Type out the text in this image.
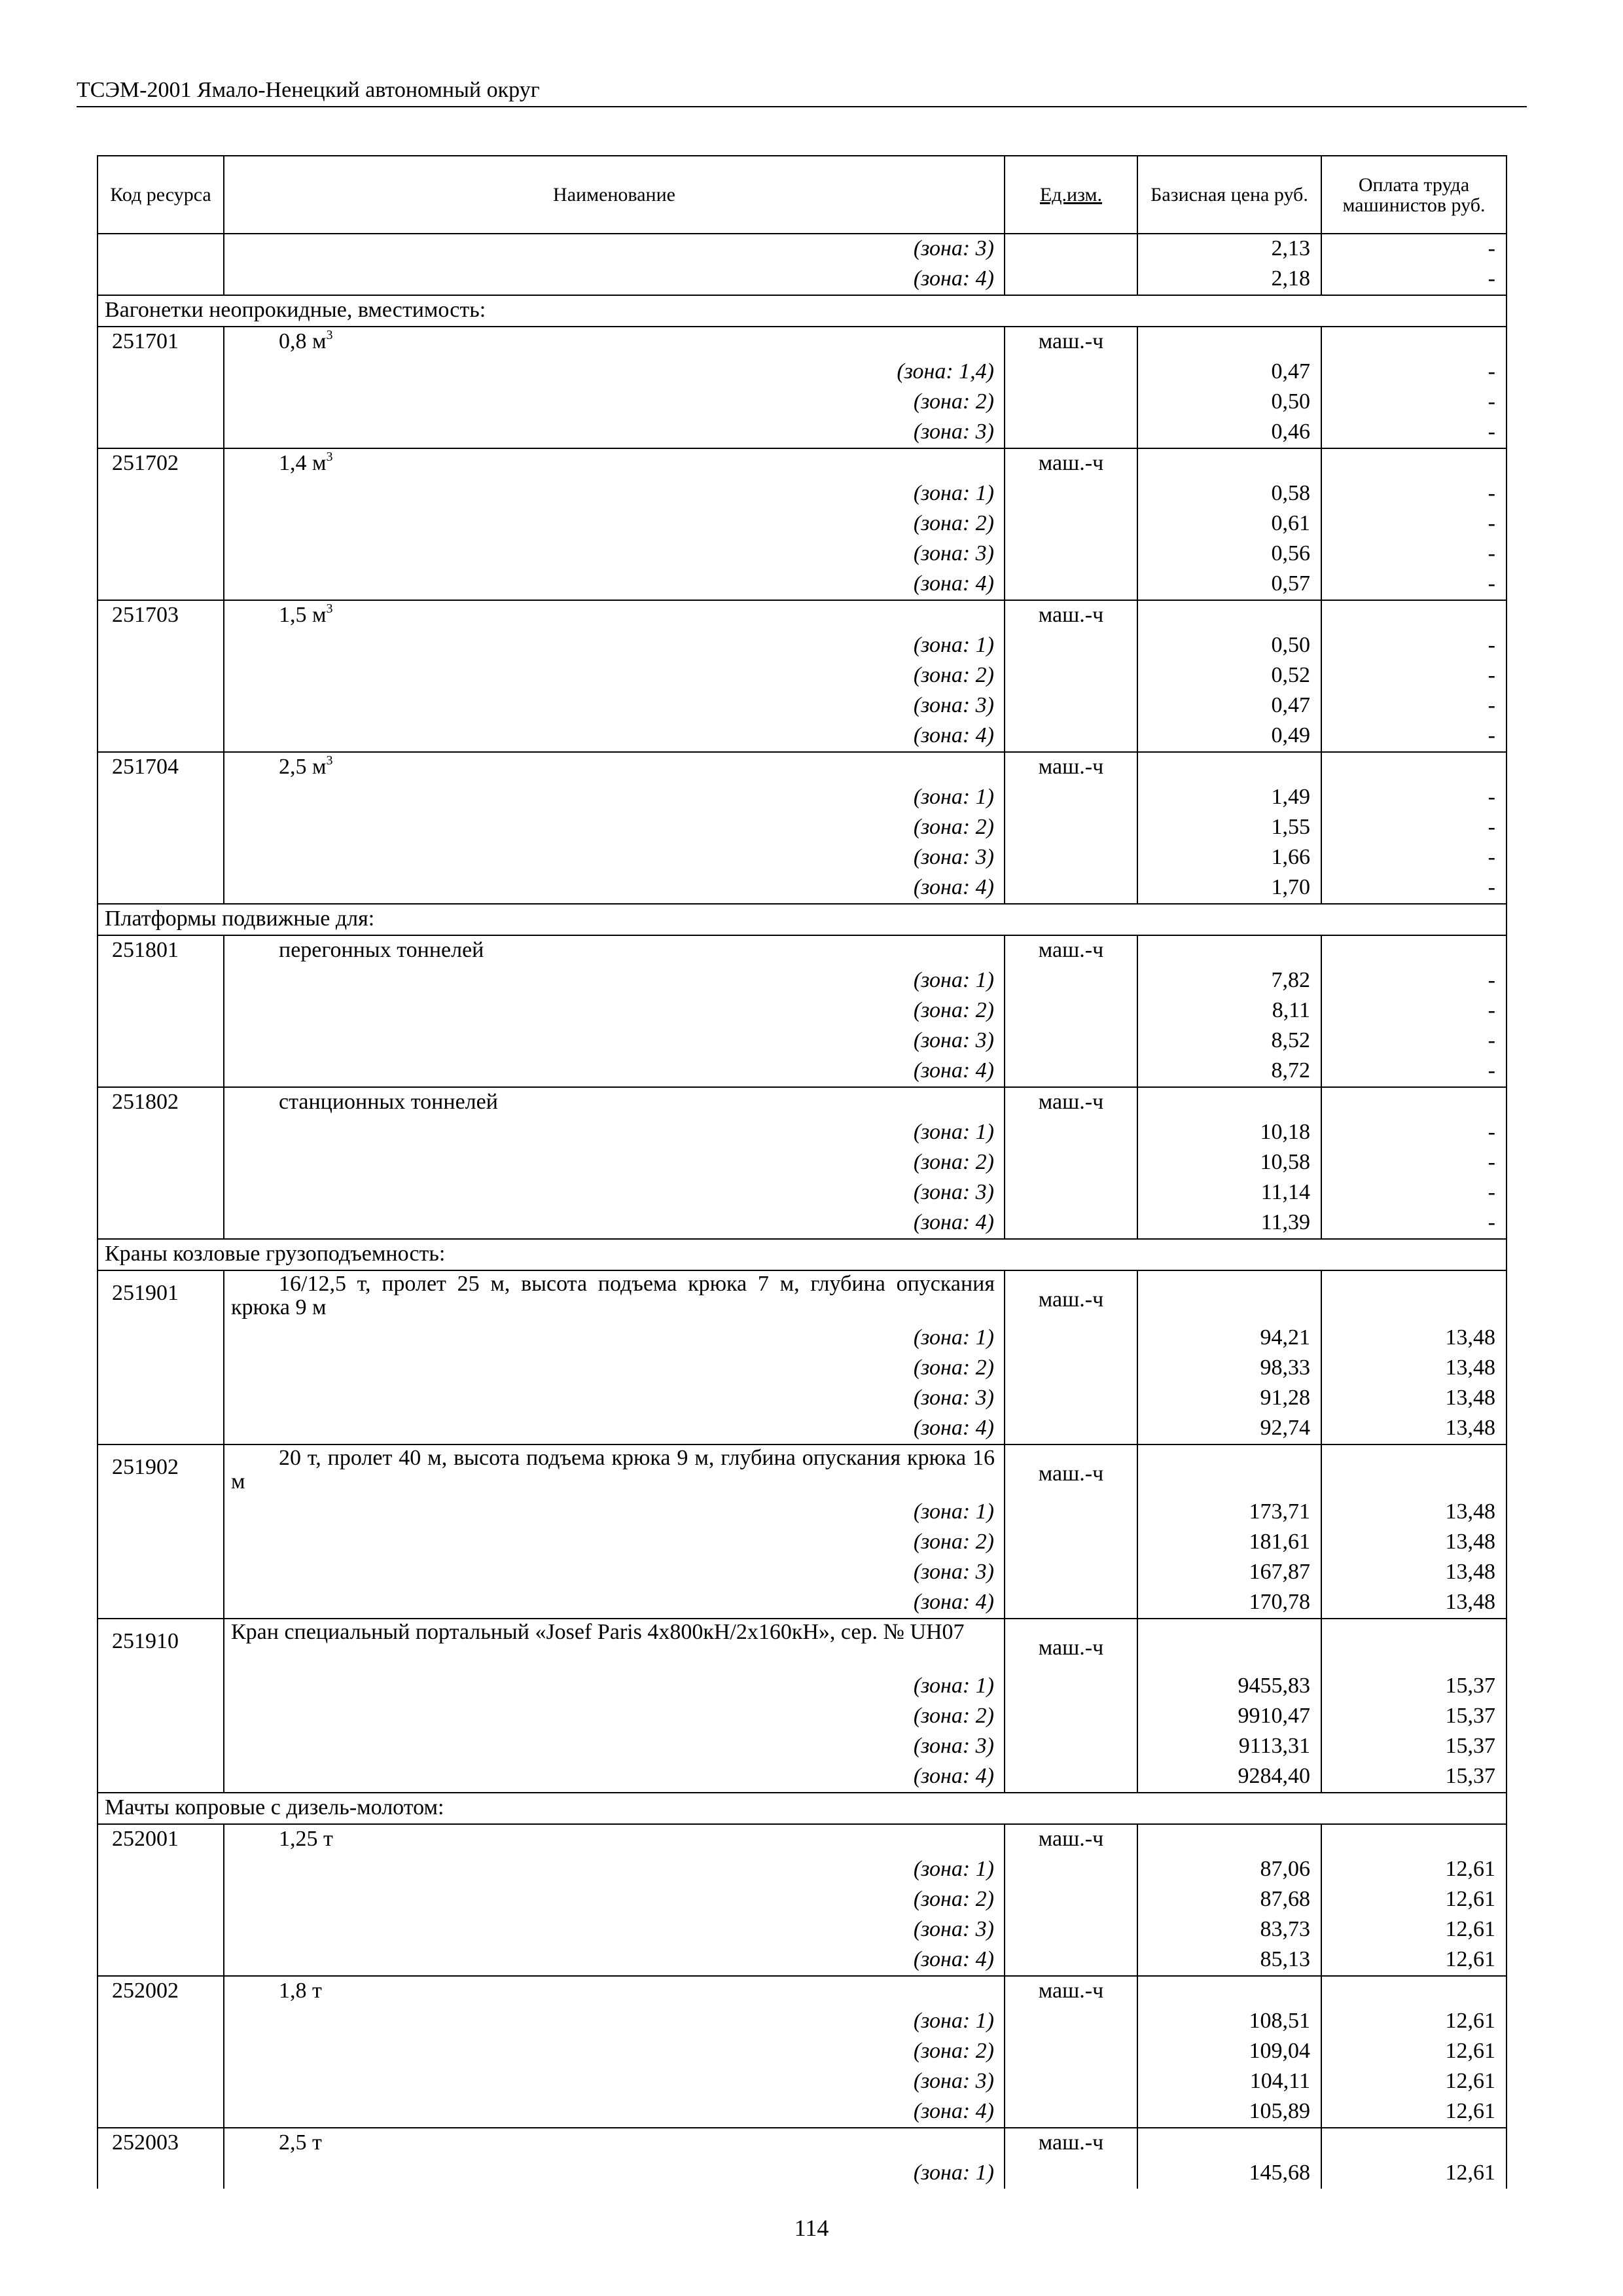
ТСЭМ-2001 Ямало-Ненецкий автономный округ
Код ресурса	Наименование	Ед.изм.	Базисная цена руб.	Оплата труда машинистов руб.
	(зона: 3)		2,13	-
	(зона: 4)		2,18	-
Вагонетки неопрокидные, вместимость:				
251701	0,8 $м^3$	маш.-ч		
	(зона: 1,4)		0,47	-
	(зона: 2)		0,50	-
	(зона: 3)		0,46	-
251702	1,4 $м^3$	маш.-ч		
	(зона: 1)		0,58	-
	(зона: 2)		0,61	-
	(зона: 3)		0,56	-
	(зона: 4)		0,57	-
251703	1,5 $м^3$	маш.-ч		
	(зона: 1)		0,50	-
	(зона: 2)		0,52	-
	(зона: 3)		0,47	-
	(зона: 4)		0,49	-
251704	2,5 $м^3$	маш.-ч		
	(зона: 1)		1,49	-
	(зона: 2)		1,55	-
	(зона: 3)		1,66	-
	(зона: 4)		1,70	-
Платформы подвижные для:				
251801	перегонных тоннелей	маш.-ч		
	(зона: 1)		7,82	-
	(зона: 2)		8,11	-
	(зона: 3)		8,52	-
	(зона: 4)		8,72	-
251802	станционных тоннелей	маш.-ч		
	(зона: 1)		10,18	-
	(зона: 2)		10,58	-
	(зона: 3)		11,14	-
	(зона: 4)		11,39	-
Краны козловые грузоподъемность:				
251901	16/12,5 т, пролет 25 м, высота подъема крюка 7 м, глубина опускания крюка 9 м	маш.-ч		
	(зона: 1)		94,21	13,48
	(зона: 2)		98,33	13,48
	(зона: 3)		91,28	13,48
	(зона: 4)		92,74	13,48
251902	20 т, пролет 40 м, высота подъема крюка 9 м, глубина опускания крюка 16 м	маш.-ч		
	(зона: 1)		173,71	13,48
	(зона: 2)		181,61	13,48
	(зона: 3)		167,87	13,48
	(зона: 4)		170,78	13,48
251910	Кран специальный портальный «Josef Paris 4х800кН/2х160кН», сер. № UH07	маш.-ч		
	(зона: 1)		9455,83	15,37
	(зона: 2)		9910,47	15,37
	(зона: 3)		9113,31	15,37
	(зона: 4)		9284,40	15,37
Мачты копровые с дизель-молотом:				
252001	1,25 т	маш.-ч		
	(зона: 1)		87,06	12,61
	(зона: 2)		87,68	12,61
	(зона: 3)		83,73	12,61
	(зона: 4)		85,13	12,61
252002	1,8 т	маш.-ч		
	(зона: 1)		108,51	12,61
	(зона: 2)		109,04	12,61
	(зона: 3)		104,11	12,61
	(зона: 4)		105,89	12,61
252003	2,5 т	маш.-ч		
	(зона: 1)		145,68	12,61
114
